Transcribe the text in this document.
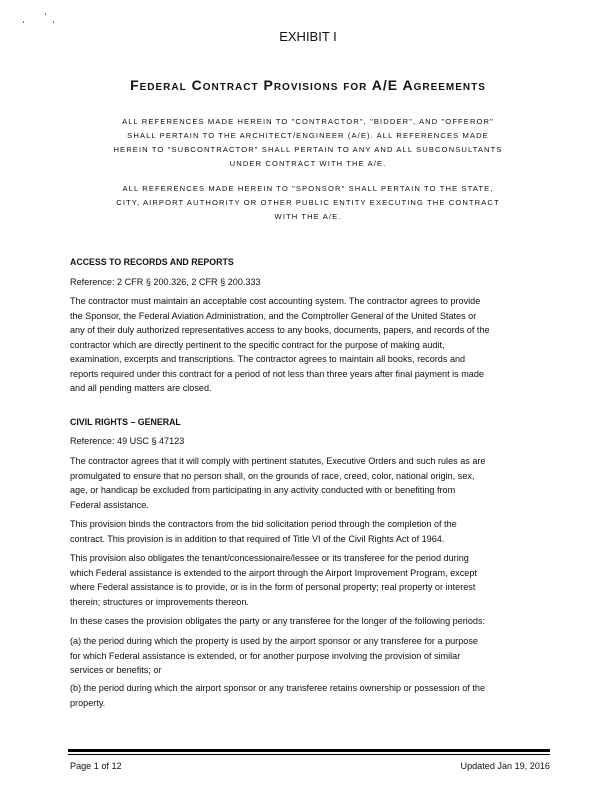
EXHIBIT I
Federal Contract Provisions for A/E Agreements
ALL REFERENCES MADE HEREIN TO "CONTRACTOR", "BIDDER", AND "OFFEROR"
SHALL PERTAIN TO THE ARCHITECT/ENGINEER (A/E). ALL REFERENCES MADE
HEREIN TO "SUBCONTRACTOR" SHALL PERTAIN TO ANY AND ALL SUBCONSULTANTS
UNDER CONTRACT WITH THE A/E.
ALL REFERENCES MADE HEREIN TO "SPONSOR" SHALL PERTAIN TO THE STATE,
CITY, AIRPORT AUTHORITY OR OTHER PUBLIC ENTITY EXECUTING THE CONTRACT
WITH THE A/E.
ACCESS TO RECORDS AND REPORTS
Reference: 2 CFR § 200.326, 2 CFR § 200.333
The contractor must maintain an acceptable cost accounting system. The contractor agrees to provide
the Sponsor, the Federal Aviation Administration, and the Comptroller General of the United States or
any of their duly authorized representatives access to any books, documents, papers, and records of the
contractor which are directly pertinent to the specific contract for the purpose of making audit,
examination, excerpts and transcriptions. The contractor agrees to maintain all books, records and
reports required under this contract for a period of not less than three years after final payment is made
and all pending matters are closed.
CIVIL RIGHTS – GENERAL
Reference: 49 USC § 47123
The contractor agrees that it will comply with pertinent statutes, Executive Orders and such rules as are
promulgated to ensure that no person shall, on the grounds of race, creed, color, national origin, sex,
age, or handicap be excluded from participating in any activity conducted with or benefiting from
Federal assistance.
This provision binds the contractors from the bid solicitation period through the completion of the
contract. This provision is in addition to that required of Title VI of the Civil Rights Act of 1964.
This provision also obligates the tenant/concessionaire/lessee or its transferee for the period during
which Federal assistance is extended to the airport through the Airport Improvement Program, except
where Federal assistance is to provide, or is in the form of personal property; real property or interest
therein; structures or improvements thereon.
In these cases the provision obligates the party or any transferee for the longer of the following periods:
(a) the period during which the property is used by the airport sponsor or any transferee for a purpose
for which Federal assistance is extended, or for another purpose involving the provision of similar
services or benefits; or
(b) the period during which the airport sponsor or any transferee retains ownership or possession of the
property.
Page 1 of 12	Updated Jan 19, 2016
